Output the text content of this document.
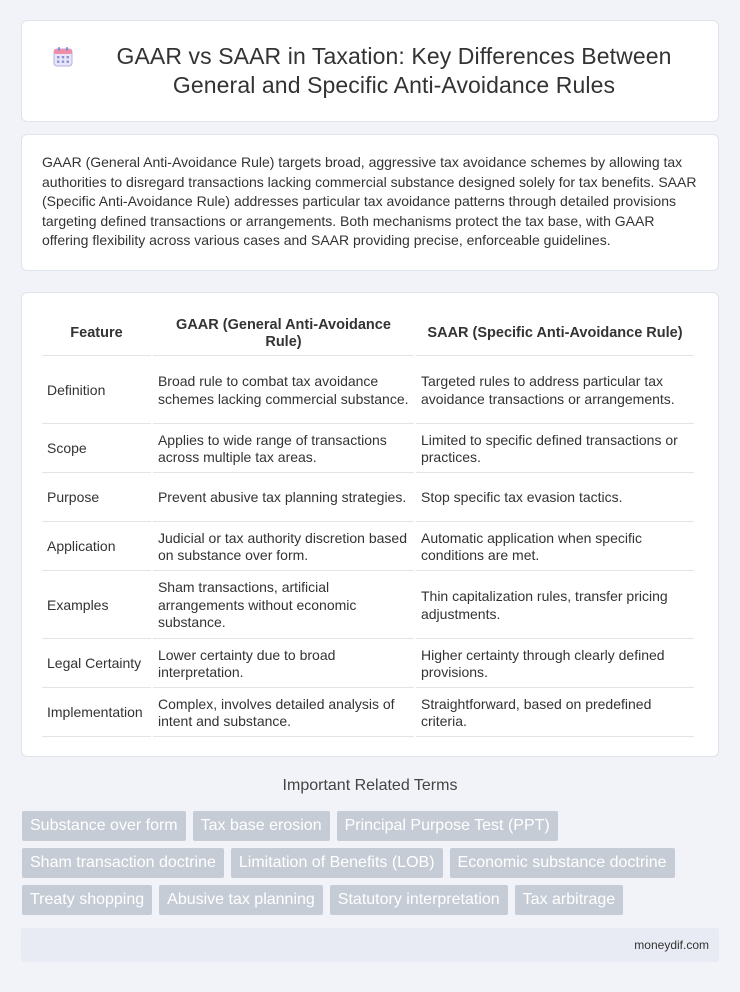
GAAR vs SAAR in Taxation: Key Differences Between General and Specific Anti-Avoidance Rules

GAAR (General Anti-Avoidance Rule) targets broad, aggressive tax avoidance schemes by allowing tax authorities to disregard transactions lacking commercial substance designed solely for tax benefits. SAAR (Specific Anti-Avoidance Rule) addresses particular tax avoidance patterns through detailed provisions targeting defined transactions or arrangements. Both mechanisms protect the tax base, with GAAR offering flexibility across various cases and SAAR providing precise, enforceable guidelines.

Feature	GAAR (General Anti-Avoidance Rule)	SAAR (Specific Anti-Avoidance Rule)
Definition	Broad rule to combat tax avoidance schemes lacking commercial substance.	Targeted rules to address particular tax avoidance transactions or arrangements.
Scope	Applies to wide range of transactions across multiple tax areas.	Limited to specific defined transactions or practices.
Purpose	Prevent abusive tax planning strategies.	Stop specific tax evasion tactics.
Application	Judicial or tax authority discretion based on substance over form.	Automatic application when specific conditions are met.
Examples	Sham transactions, artificial arrangements without economic substance.	Thin capitalization rules, transfer pricing adjustments.
Legal Certainty	Lower certainty due to broad interpretation.	Higher certainty through clearly defined provisions.
Implementation	Complex, involves detailed analysis of intent and substance.	Straightforward, based on predefined criteria.
Important Related Terms
Substance over form	Tax base erosion	Principal Purpose Test (PPT)
Sham transaction doctrine	Limitation of Benefits (LOB)	Economic substance doctrine
Treaty shopping	Abusive tax planning	Statutory interpretation	Tax arbitrage
moneydif.com
